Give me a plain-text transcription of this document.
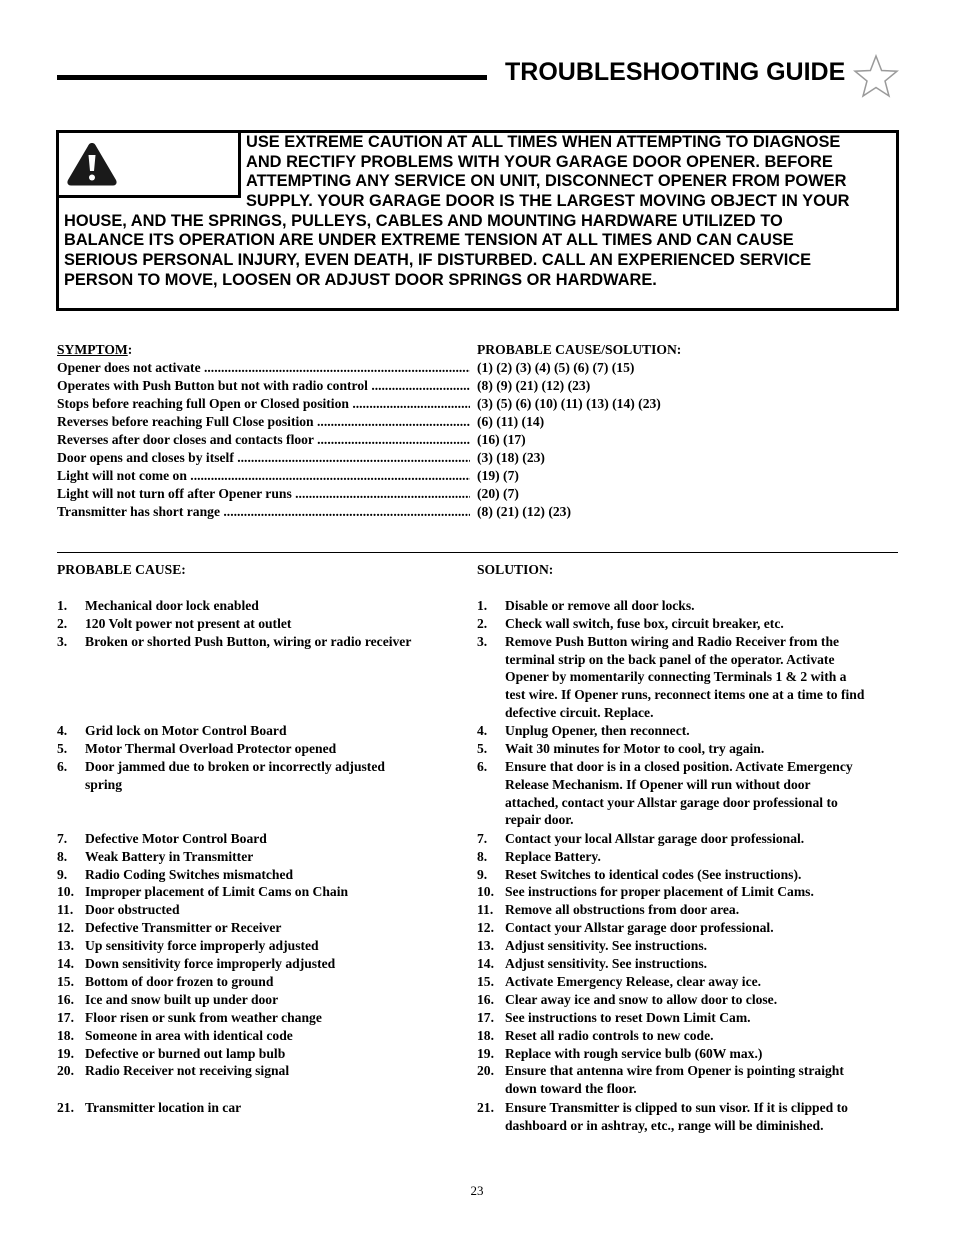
TROUBLESHOOTING GUIDE
USE EXTREME CAUTION AT ALL TIMES WHEN ATTEMPTING TO DIAGNOSE
AND RECTIFY PROBLEMS WITH YOUR GARAGE DOOR OPENER. BEFORE
ATTEMPTING ANY SERVICE ON UNIT, DISCONNECT OPENER FROM POWER
SUPPLY. YOUR GARAGE DOOR IS THE LARGEST MOVING OBJECT IN YOUR
HOUSE, AND THE SPRINGS, PULLEYS, CABLES AND MOUNTING HARDWARE UTILIZED TO
BALANCE ITS OPERATION ARE UNDER EXTREME TENSION AT ALL TIMES AND CAN CAUSE
SERIOUS PERSONAL INJURY, EVEN DEATH, IF DISTURBED. CALL AN EXPERIENCED SERVICE
PERSON TO MOVE, LOOSEN OR ADJUST DOOR SPRINGS OR HARDWARE.
SYMPTOM:	PROBABLE CAUSE/SOLUTION:
Opener does not activate .....	(1) (2) (3) (4) (5) (6) (7) (15)
Operates with Push Button but not with radio control .....	(8) (9) (21) (12) (23)
Stops before reaching full Open or Closed position .....	(3) (5) (6) (10) (11) (13) (14) (23)
Reverses before reaching Full Close position .....	(6) (11) (14)
Reverses after door closes and contacts floor .....	(16) (17)
Door opens and closes by itself .....	(3) (18) (23)
Light will not come on .....	(19) (7)
Light will not turn off after Opener runs .....	(20) (7)
Transmitter has short range .....	(8) (21) (12) (23)
PROBABLE CAUSE:	SOLUTION:
1. Mechanical door lock enabled	1. Disable or remove all door locks.
2. 120 Volt power not present at outlet	2. Check wall switch, fuse box, circuit breaker, etc.
3. Broken or shorted Push Button, wiring or radio receiver	3. Remove Push Button wiring and Radio Receiver from the
terminal strip on the back panel of the operator. Activate
Opener by momentarily connecting Terminals 1 & 2 with a
test wire. If Opener runs, reconnect items one at a time to find
defective circuit. Replace.
4. Grid lock on Motor Control Board	4. Unplug Opener, then reconnect.
5. Motor Thermal Overload Protector opened	5. Wait 30 minutes for Motor to cool, try again.
6. Door jammed due to broken or incorrectly adjusted
spring
6. Ensure that door is in a closed position. Activate Emergency
Release Mechanism. If Opener will run without door
attached, contact your Allstar garage door professional to
repair door.
7. Defective Motor Control Board	7. Contact your local Allstar garage door professional.
8. Weak Battery in Transmitter	8. Replace Battery.
9. Radio Coding Switches mismatched	9. Reset Switches to identical codes (See instructions).
10. Improper placement of Limit Cams on Chain	10. See instructions for proper placement of Limit Cams.
11. Door obstructed	11. Remove all obstructions from door area.
12. Defective Transmitter or Receiver	12. Contact your Allstar garage door professional.
13. Up sensitivity force improperly adjusted	13. Adjust sensitivity. See instructions.
14. Down sensitivity force improperly adjusted	14. Adjust sensitivity. See instructions.
15. Bottom of door frozen to ground	15. Activate Emergency Release, clear away ice.
16. Ice and snow built up under door	16. Clear away ice and snow to allow door to close.
17. Floor risen or sunk from weather change	17. See instructions to reset Down Limit Cam.
18. Someone in area with identical code	18. Reset all radio controls to new code.
19. Defective or burned out lamp bulb	19. Replace with rough service bulb (60W max.)
20. Radio Receiver not receiving signal	20. Ensure that antenna wire from Opener is pointing straight
down toward the floor.
21. Transmitter location in car	21. Ensure Transmitter is clipped to sun visor. If it is clipped to
dashboard or in ashtray, etc., range will be diminished.
23
